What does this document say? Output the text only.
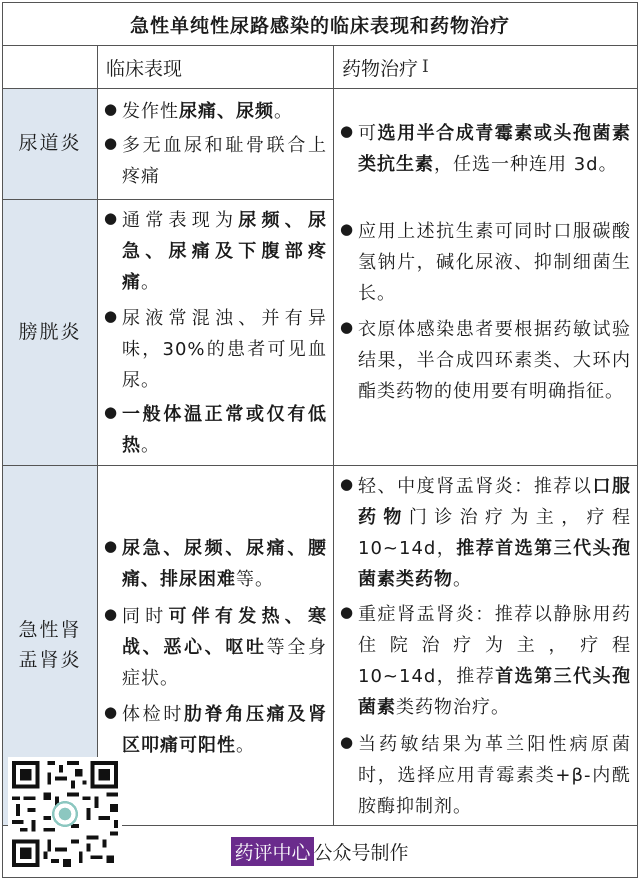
急性单纯性尿路感染的临床表现和药物治疗
临床表现	药物治疗 I
尿道炎
● 发作性尿痛、尿频。
● 多无血尿和耻骨联合上疼痛
膀胱炎
● 通常表现为尿频、尿急、尿痛及下腹部疼痛。
● 尿液常混浊、并有异味，30%的患者可见血尿。
● 一般体温正常或仅有低热。
● 可选用半合成青霉素或头孢菌素类抗生素，任选一种连用 3d。
● 应用上述抗生素可同时口服碳酸氢钠片，碱化尿液、抑制细菌生长。
● 衣原体感染患者要根据药敏试验结果，半合成四环素类、大环内酯类药物的使用要有明确指征。
急性肾盂肾炎
● 尿急、尿频、尿痛、腰痛、排尿困难等。
● 同时可伴有发热、寒战、恶心、呕吐等全身症状。
● 体检时肋脊角压痛及肾区叩痛可阳性。
● 轻、中度肾盂肾炎：推荐以口服药物门诊治疗为主，疗程 10~14d，推荐首选第三代头孢菌素类药物。
● 重症肾盂肾炎：推荐以静脉用药住院治疗为主，疗程 10~14d，推荐首选第三代头孢菌素类药物治疗。
● 当药敏结果为革兰阳性病原菌时，选择应用青霉素类+β-内酰胺酶抑制剂。
药评中心 公众号制作
